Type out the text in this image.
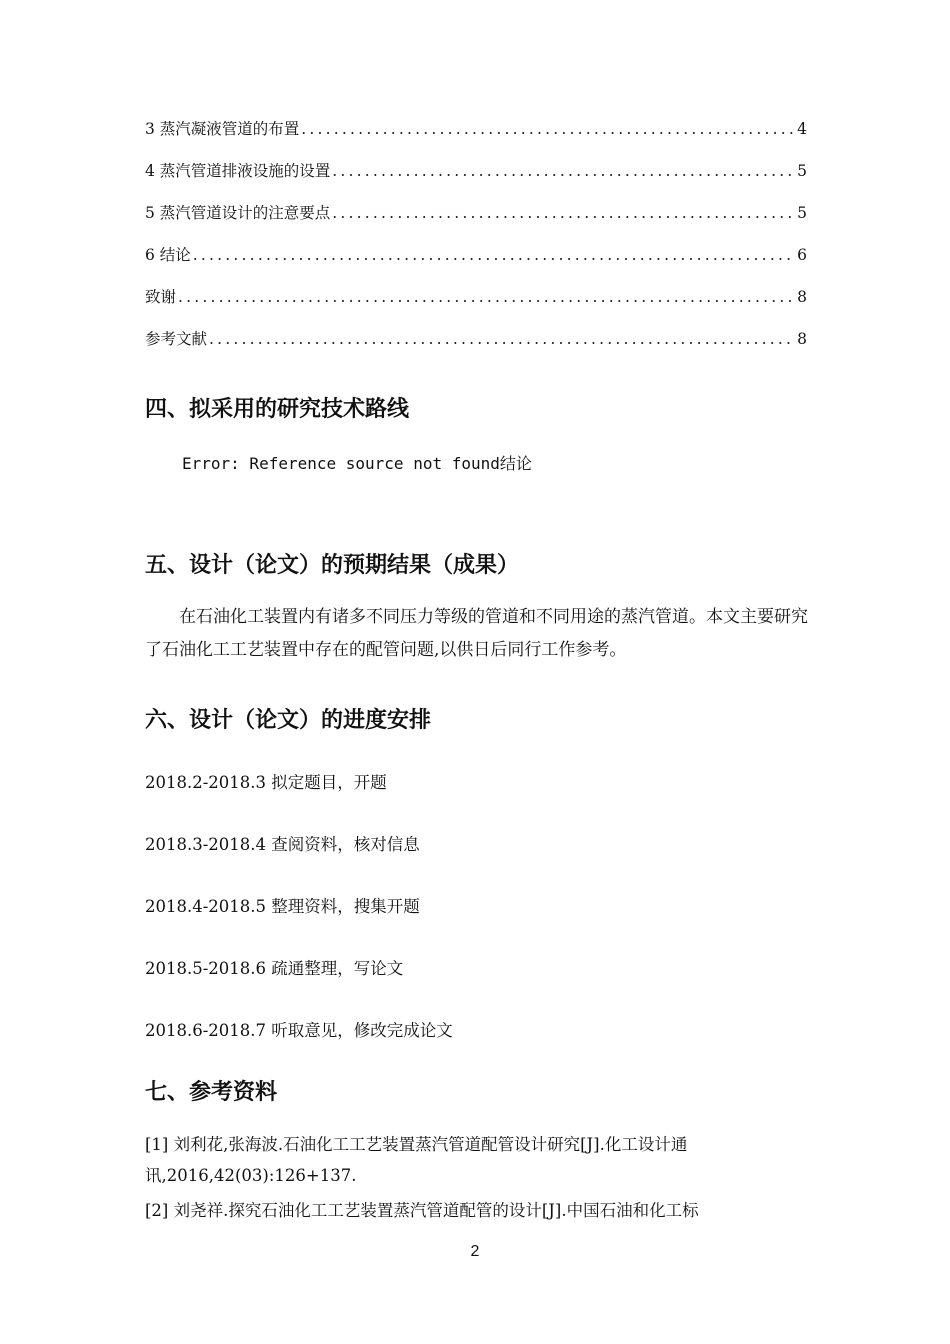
3 蒸汽凝液管道的布置 .....	4
4 蒸汽管道排液设施的设置 .....	5
5 蒸汽管道设计的注意要点 .....	5
6 结论 .....	6
致谢 .....	8
参考文献 .....	8
四、拟采用的研究技术路线
Error: Reference source not found结论
五、设计（论文）的预期结果（成果）
在石油化工装置内有诸多不同压力等级的管道和不同用途的蒸汽管道。本文主要研究了石油化工工艺装置中存在的配管问题,以供日后同行工作参考。
六、设计（论文）的进度安排
2018.2-2018.3 拟定题目，开题
2018.3-2018.4 查阅资料，核对信息
2018.4-2018.5 整理资料，搜集开题
2018.5-2018.6 疏通整理，写论文
2018.6-2018.7 听取意见，修改完成论文
七、参考资料
[1] 刘利花,张海波.石油化工工艺装置蒸汽管道配管设计研究[J].化工设计通讯,2016,42(03):126+137.
[2] 刘尧祥.探究石油化工工艺装置蒸汽管道配管的设计[J].中国石油和化工标
2
